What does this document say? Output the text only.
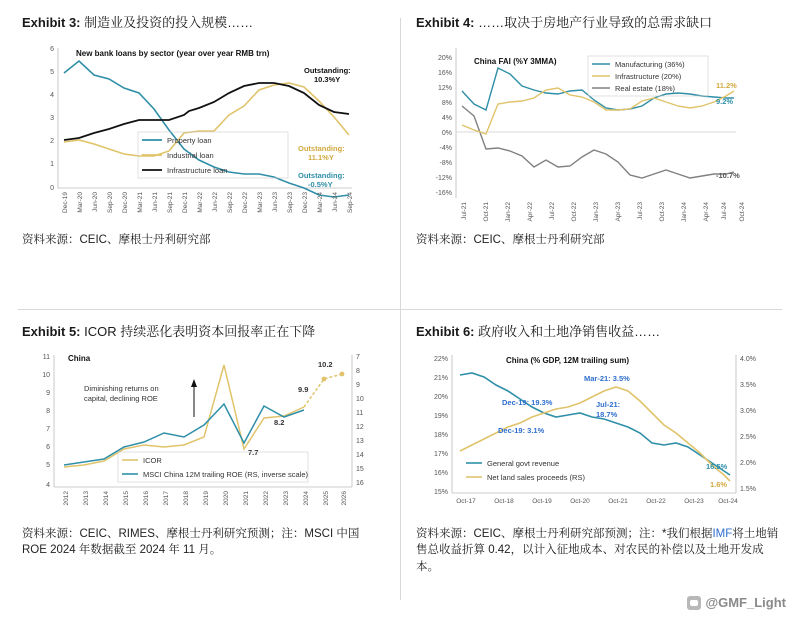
Exhibit 3: 制造业及投资的投入规模……
6
5
4
3
2
1
0
New bank loans by sector (year over year RMB trn)
Outstanding:
10.3%Y
Outstanding:
11.1%Y
Outstanding:
-0.5%Y
Property loan
Industrial loan
Infrastructure loan
Dec-19 Mar-20 Jun-20 Sep-20 Dec-20 Mar-21 Jun-21 Sep-21 Dec-21 Mar-22 Jun-22 Sep-22 Dec-22 Mar-23 Jun-23 Sep-23 Dec-23 Mar-24 Jun-24 Sep-24
资料来源：CEIC、摩根士丹利研究部
Exhibit 4: ……取决于房地产行业导致的总需求缺口
20%
16%
12%
8%
4%
0%
-4%
-8%
-12%
-16%
China FAI (%Y 3MMA)
11.2%
9.2%
-10.7%
Manufacturing (36%)
Infrastructure (20%)
Real estate (18%)
Jul-21 Oct-21 Jan-22 Apr-22 Jul-22 Oct-22 Jan-23 Apr-23 Jul-23 Oct-23 Jan-24 Apr-24 Jul-24 Oct-24
资料来源：CEIC、摩根士丹利研究部
Exhibit 5: ICOR 持续恶化表明资本回报率正在下降
11
10
9
8
7
6
5
4
7
8
9
10
11
12
13
14
15
16
China
10.2
9.9
8.2
7.7
Diminishing returns on
capital, declining ROE
ICOR
MSCI China 12M trailing ROE (RS, inverse scale)
2012 2013 2014 2015 2016 2017 2018 2019 2020 2021 2022 2023 2024 2025 2026
资料来源：CEIC、RIMES、摩根士丹利研究预测；注：MSCI 中国 ROE 2024 年数据截至 2024 年 11 月。
Exhibit 6: 政府收入和土地净销售收益……
22%
21%
20%
19%
18%
17%
16%
15%
4.0%
3.5%
3.0%
2.5%
2.0%
1.5%
China (% GDP, 12M trailing sum)
16.5%
1.6%
Mar-21: 3.5%
Dec-19: 19.3%
Dec-19: 3.1%
Jul-21:
18.7%
General govt revenue
Net land sales proceeds (RS)
Oct-17	Oct-18	Oct-19	Oct-20	Oct-21	Oct-22	Oct-23 Oct-24
资料来源：CEIC、摩根士丹利研究部预测；注：*我们根据IMF将土地销售总收益折算 0.42，以计入征地成本、对农民的补偿以及土地开发成本。
@GMF_Light
